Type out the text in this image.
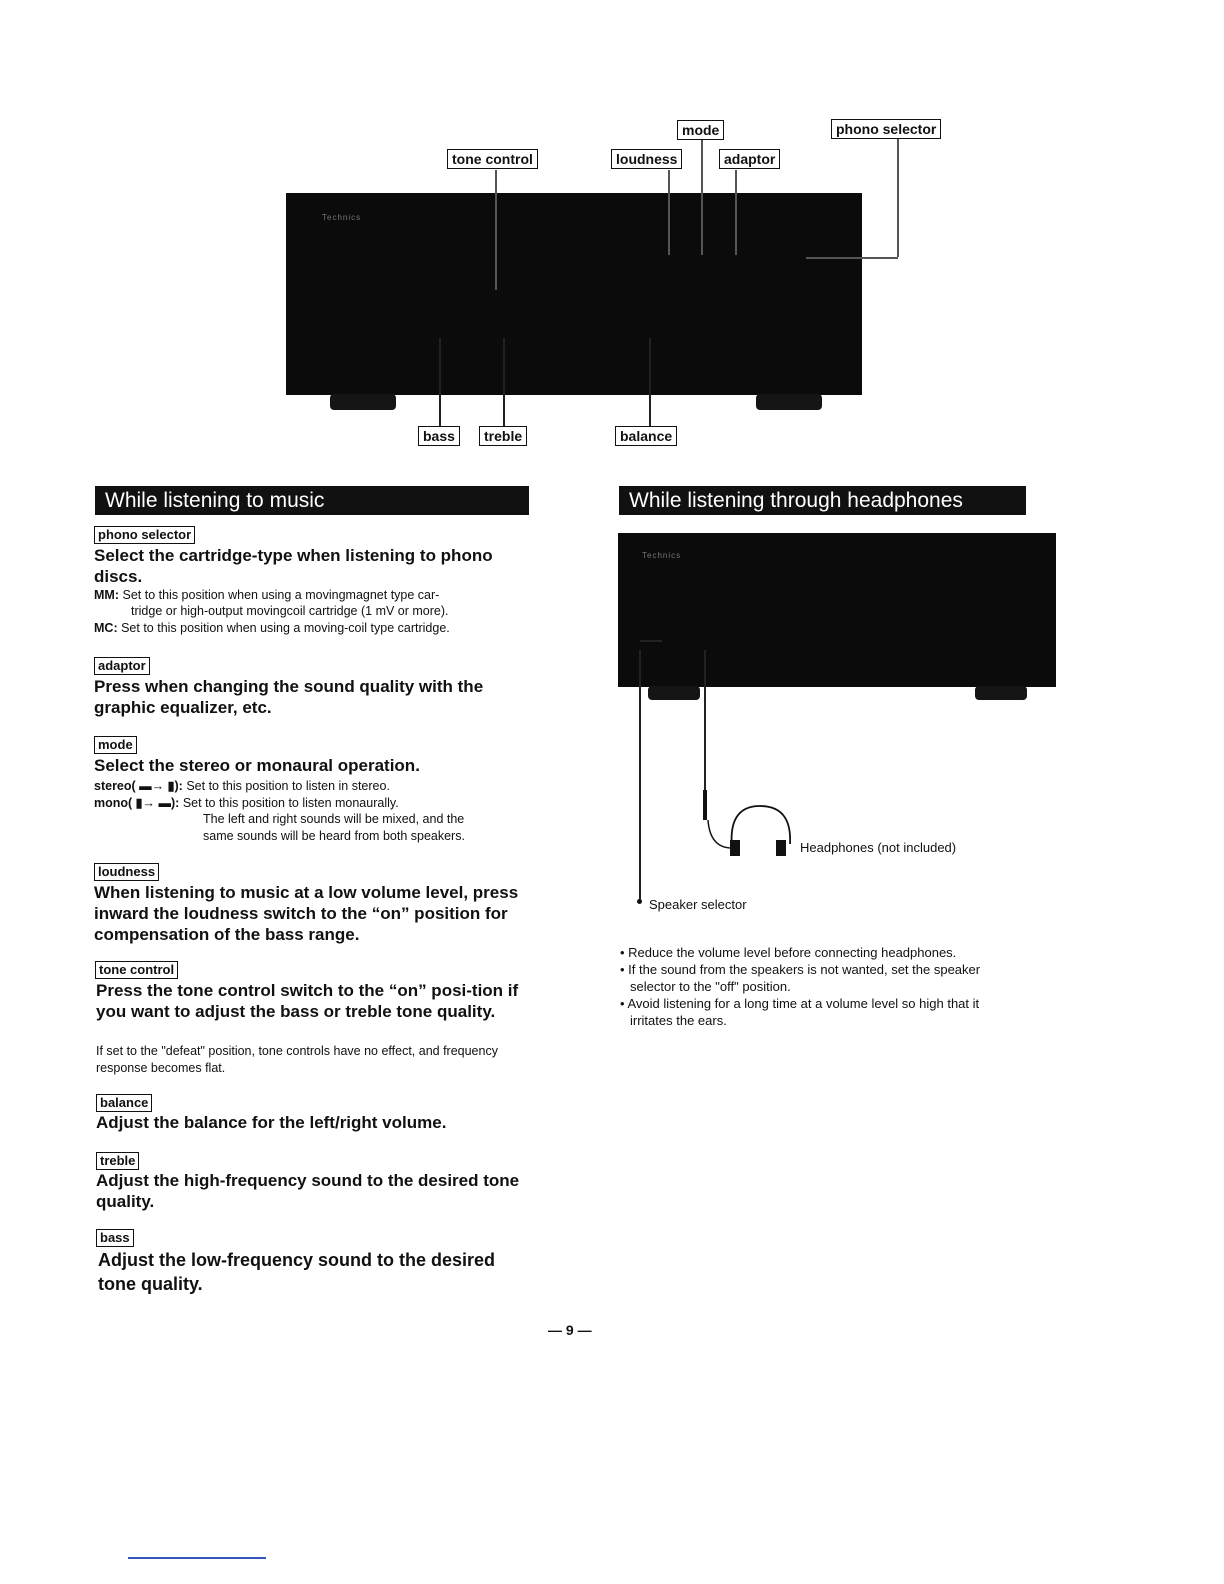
Technics
mode	phono selector
tone control	loudness	adaptor
bass	treble	balance
While listening to music
phono selector
Select the cartridge-type when listening to phono discs.
MM: Set to this position when using a movingmagnet type car-
tridge or high-output movingcoil cartridge (1 mV or more).
MC: Set to this position when using a moving-coil type cartridge.
adaptor
Press when changing the sound quality with the graphic equalizer, etc.
mode
Select the stereo or monaural operation.
stereo( ▬→ ▮): Set to this position to listen in stereo.
mono( ▮→ ▬): Set to this position to listen monaurally.
The left and right sounds will be mixed, and the
same sounds will be heard from both speakers.
loudness
When listening to music at a low volume level, press inward the loudness switch to the “on” position for compensation of the bass range.
tone control
Press the tone control switch to the “on” posi-tion if you want to adjust the bass or treble tone quality.
If set to the "defeat" position, tone controls have no effect, and frequency response becomes flat.
balance
Adjust the balance for the left/right volume.
treble
Adjust the high-frequency sound to the desired tone quality.
bass
Adjust the low-frequency sound to the desired tone quality.
While listening through headphones
Technics
Headphones (not included)
Speaker selector
• Reduce the volume level before connecting headphones.
• If the sound from the speakers is not wanted, set the speaker
selector to the "off" position.
• Avoid listening for a long time at a volume level so high that it
irritates the ears.
— 9 —
